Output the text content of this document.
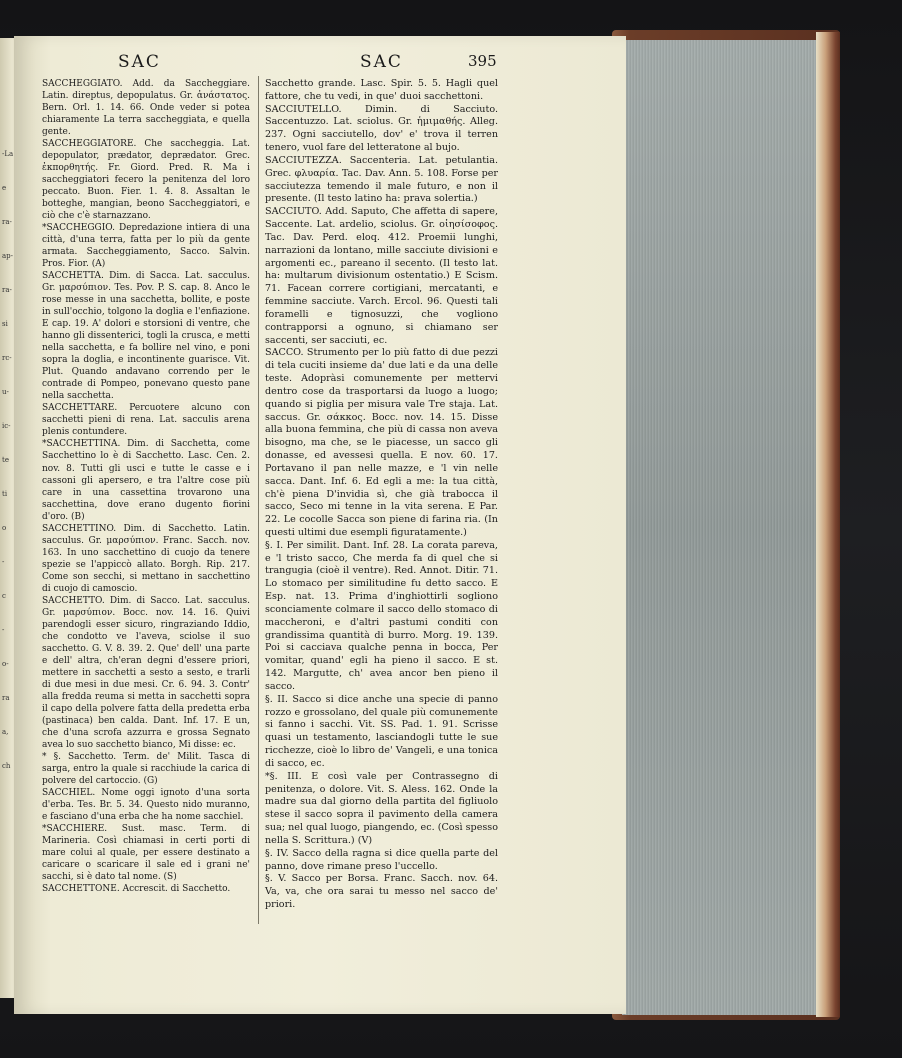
-La
e
ra-
ap-
ra-
si
rc-
u-
ic-
te
ti
o
-
c
-
o-
ra
a,
ch
SAC	SAC	395

SACCHEGGIATO. Add. da Saccheggiare. Latin. direptus, depopulatus. Gr. ἀνάστατος. Bern. Orl. 1. 14. 66. Onde veder si potea chiaramente La terra saccheggiata, e quella gente.

SACCHEGGIATORE. Che saccheggia. Lat. depopulator, prædator, deprædator. Grec. ἐκπορθητής. Fr. Giord. Pred. R. Ma i saccheggiatori fecero la penitenza del loro peccato. Buon. Fier. 1. 4. 8. Assaltan le botteghe, mangian, beono Saccheggiatori, e ciò che c'è starnazzano.

*SACCHEGGIO. Depredazione intiera di una città, d'una terra, fatta per lo più da gente armata. Saccheggiamento, Sacco. Salvin. Pros. Fior. (A)

SACCHETTA. Dim. di Sacca. Lat. sacculus. Gr. μαρσύπιον. Tes. Pov. P. S. cap. 8. Anco le rose messe in una sacchetta, bollite, e poste in sull'occhio, tolgono la doglia e l'enfiazione. E cap. 19. A' dolori e storsioni di ventre, che hanno gli dissenterici, togli la crusca, e metti nella sacchetta, e fa bollire nel vino, e poni sopra la doglia, e incontinente guarisce. Vit. Plut. Quando andavano correndo per le contrade di Pompeo, ponevano questo pane nella sacchetta.

SACCHETTARE. Percuotere alcuno con sacchetti pieni di rena. Lat. sacculis arena plenis contundere.

*SACCHETTINA. Dim. di Sacchetta, come Sacchettino lo è di Sacchetto. Lasc. Cen. 2. nov. 8. Tutti gli usci e tutte le casse e i cassoni gli apersero, e tra l'altre cose più care in una cassettina trovarono una sacchettina, dove erano dugento fiorini d'oro. (B)

SACCHETTINO. Dim. di Sacchetto. Latin. sacculus. Gr. μαρσύπιον. Franc. Sacch. nov. 163. In uno sacchettino di cuojo da tenere spezie se l'appiccò allato. Borgh. Rip. 217. Come son secchi, si mettano in sacchettino di cuojo di camoscio.

SACCHETTO. Dim. di Sacco. Lat. sacculus. Gr. μαρσύπιον. Bocc. nov. 14. 16. Quivi parendogli esser sicuro, ringraziando Iddio, che condotto ve l'aveva, sciolse il suo sacchetto. G. V. 8. 39. 2. Que' dell' una parte e dell' altra, ch'eran degni d'essere priori, mettere in sacchetti a sesto a sesto, e trarli di due mesi in due mesi. Cr. 6. 94. 3. Contr' alla fredda reuma si metta in sacchetti sopra il capo della polvere fatta della predetta erba (pastinaca) ben calda. Dant. Inf. 17. E un, che d'una scrofa azzurra e grossa Segnato avea lo suo sacchetto bianco, Mi disse: ec.

* §. Sacchetto. Term. de' Milit. Tasca di sarga, entro la quale si racchiude la carica di polvere del cartoccio. (G)

SACCHIEL. Nome oggi ignoto d'una sorta d'erba. Tes. Br. 5. 34. Questo nido muranno, e fasciano d'una erba che ha nome sacchiel.

*SACCHIERE. Sust. masc. Term. di Marineria. Così chiamasi in certi porti di mare colui al quale, per essere destinato a caricare o scaricare il sale ed i grani ne' sacchi, si è dato tal nome. (S)

SACCHETTONE. Accrescit. di Sacchetto.

Sacchetto grande. Lasc. Spir. 5. 5. Hagli quel fattore, che tu vedi, in que' duoi sacchettoni.

SACCIUTELLO. Dimin. di Sacciuto. Saccentuzzo. Lat. sciolus. Gr. ἡμιμαθής. Alleg. 237. Ogni sacciutello, dov' e' trova il terren tenero, vuol fare del letteratone al bujo.

SACCIUTEZZA. Saccenteria. Lat. petulantia. Grec. φλυαρία. Tac. Dav. Ann. 5. 108. Forse per sacciutezza temendo il male futuro, e non il presente. (Il testo latino ha: prava solertia.)

SACCIUTO. Add. Saputo, Che affetta di sapere, Saccente. Lat. ardelio, sciolus. Gr. οἰησίσοφος. Tac. Dav. Perd. eloq. 412. Proemii lunghi, narrazioni da lontano, mille sacciute divisioni e argomenti ec., pareano il secento. (Il testo lat. ha: multarum divisionum ostentatio.) E Scism. 71. Facean correre cortigiani, mercatanti, e femmine sacciute. Varch. Ercol. 96. Questi tali foramelli e tignosuzzi, che vogliono contrapporsi a ognuno, si chiamano ser saccenti, ser sacciuti, ec.

SACCO. Strumento per lo più fatto di due pezzi di tela cuciti insieme da' due lati e da una delle teste. Adopràsi comunemente per mettervi dentro cose da trasportarsi da luogo a luogo; quando si piglia per misura vale Tre staja. Lat. saccus. Gr. σάκκος. Bocc. nov. 14. 15. Disse alla buona femmina, che più di cassa non aveva bisogno, ma che, se le piacesse, un sacco gli donasse, ed avessesi quella. E nov. 60. 17. Portavano il pan nelle mazze, e 'l vin nelle sacca. Dant. Inf. 6. Ed egli a me: la tua città, ch'è piena D'invidia sì, che già trabocca il sacco, Seco mi tenne in la vita serena. E Par. 22. Le cocolle Sacca son piene di farina ria. (In questi ultimi due esempli figuratamente.)

§. I. Per similit. Dant. Inf. 28. La corata pareva, e 'l tristo sacco, Che merda fa di quel che si trangugia (cioè il ventre). Red. Annot. Ditir. 71. Lo stomaco per similitudine fu detto sacco. E Esp. nat. 13. Prima d'inghiottirli sogliono sconciamente colmare il sacco dello stomaco di maccheroni, e d'altri pastumi conditi con grandissima quantità di burro. Morg. 19. 139. Poi si cacciava qualche penna in bocca, Per vomitar, quand' egli ha pieno il sacco. E st. 142. Margutte, ch' avea ancor ben pieno il sacco.

§. II. Sacco si dice anche una specie di panno rozzo e grossolano, del quale più comunemente si fanno i sacchi. Vit. SS. Pad. 1. 91. Scrisse quasi un testamento, lasciandogli tutte le sue ricchezze, cioè lo libro de' Vangeli, e una tonica di sacco, ec.

*§. III. E così vale per Contrassegno di penitenza, o dolore. Vit. S. Aless. 162. Onde la madre sua dal giorno della partita del figliuolo stese il sacco sopra il pavimento della camera sua; nel qual luogo, piangendo, ec. (Così spesso nella S. Scrittura.) (V)

§. IV. Sacco della ragna si dice quella parte del panno, dove rimane preso l'uccello.

§. V. Sacco per Borsa. Franc. Sacch. nov. 64. Va, va, che ora sarai tu messo nel sacco de' priori.
